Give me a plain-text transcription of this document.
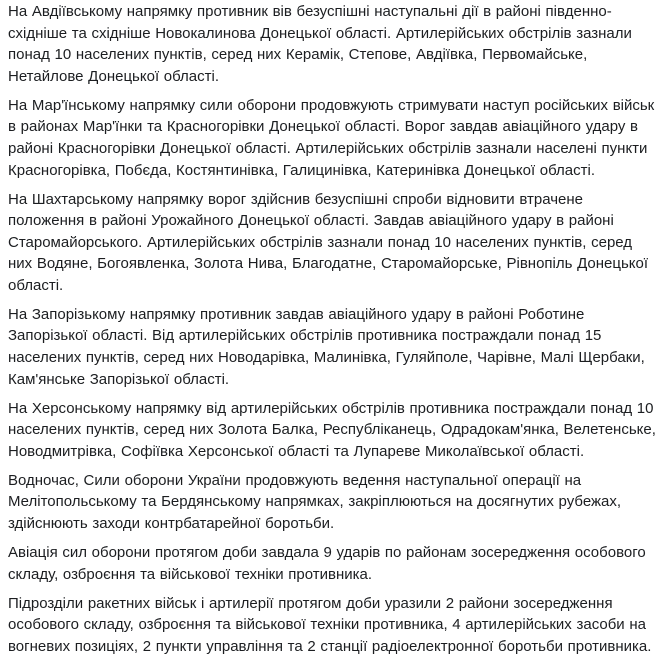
На Авдіївському напрямку противник вів безуспішні наступальні дії в районі південно-східніше та східніше Новокалинова Донецької області. Артилерійських обстрілів зазнали понад 10 населених пунктів, серед них Керамік, Степове, Авдіївка, Первомайське, Нетайлове Донецької області.

На Мар'їнському напрямку сили оборони продовжують стримувати наступ російських військ в районах Мар'їнки та Красногорівки Донецької області. Ворог завдав авіаційного удару в районі Красногорівки Донецької області. Артилерійських обстрілів зазнали населені пункти Красногорівка, Побєда, Костянтинівка, Галицинівка, Катеринівка Донецької області.

На Шахтарському напрямку ворог здійснив безуспішні спроби відновити втрачене положення в районі Урожайного Донецької області. Завдав авіаційного удару в районі Старомайорського. Артилерійських обстрілів зазнали понад 10 населених пунктів, серед них Водяне, Богоявленка, Золота Нива, Благодатне, Старомайорське, Рівнопіль Донецької області.

На Запорізькому напрямку противник завдав авіаційного удару в районі Роботине Запорізької області. Від артилерійських обстрілів противника постраждали понад 15 населених пунктів, серед них Новодарівка, Малинівка, Гуляйполе, Чарівне, Малі Щербаки, Кам'янське Запорізької області.

На Херсонському напрямку від артилерійських обстрілів противника постраждали понад 10 населених пунктів, серед них Золота Балка, Республіканець, Одрадокам'янка, Велетенське, Новодмитрівка, Софіївка Херсонської області та Лупареве Миколаївської області.

Водночас, Сили оборони України продовжують ведення наступальної операції на Мелітопольському та Бердянському напрямках, закріплюються на досягнутих рубежах, здійснюють заходи контрбатарейної боротьби.

Авіація сил оборони протягом доби завдала 9 ударів по районам зосередження особового складу, озброєння та військової техніки противника.

Підрозділи ракетних військ і артилерії протягом доби уразили 2 райони зосередження особового складу, озброєння та військової техніки противника, 4 артилерійських засоби на вогневих позиціях, 2 пункти управління та 2 станції радіоелектронної боротьби противника.
